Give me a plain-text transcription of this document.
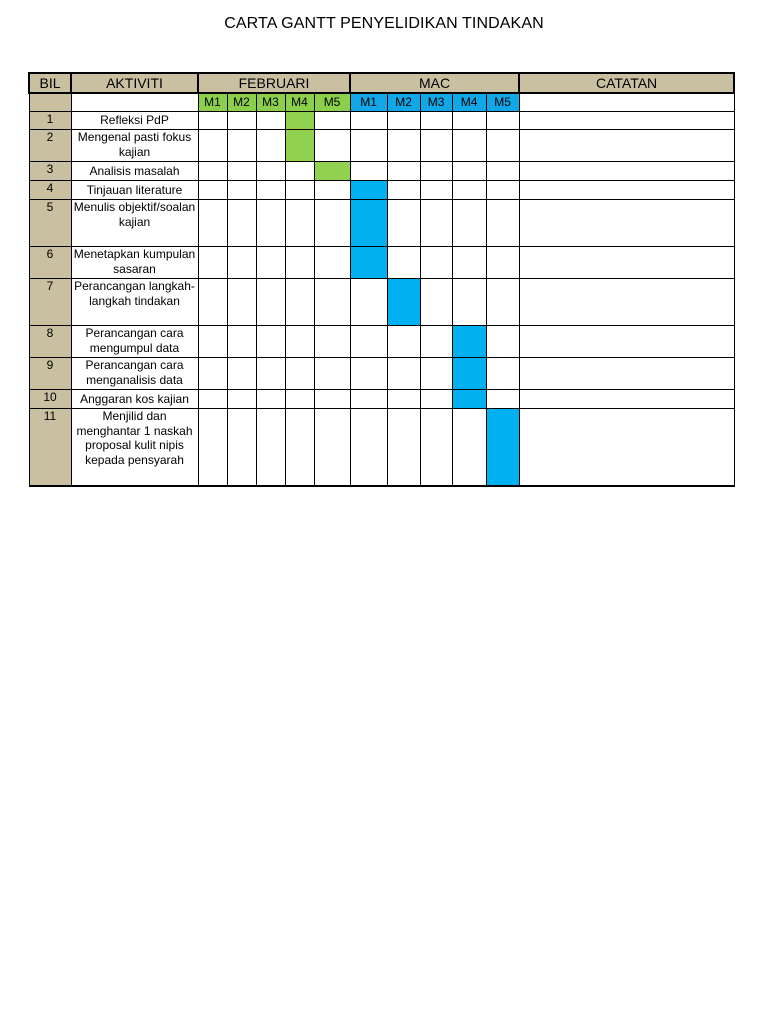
CARTA GANTT PENYELIDIKAN TINDAKAN
BIL	AKTIVITI	FEBRUARI					MAC					CATATAN
		M1	M2	M3	M4	M5	M1	M2	M3	M4	M5	
1	Refleksi PdP											
2	Mengenal pasti fokus kajian											
3	Analisis masalah											
4	Tinjauan literature											
5	Menulis objektif/soalan kajian											
6	Menetapkan kumpulan sasaran											
7	Perancangan langkah-langkah tindakan											
8	Perancangan cara mengumpul data											
9	Perancangan cara menganalisis data											
10	Anggaran kos kajian											
11	Menjilid dan menghantar 1 naskah proposal kulit nipis kepada pensyarah											
